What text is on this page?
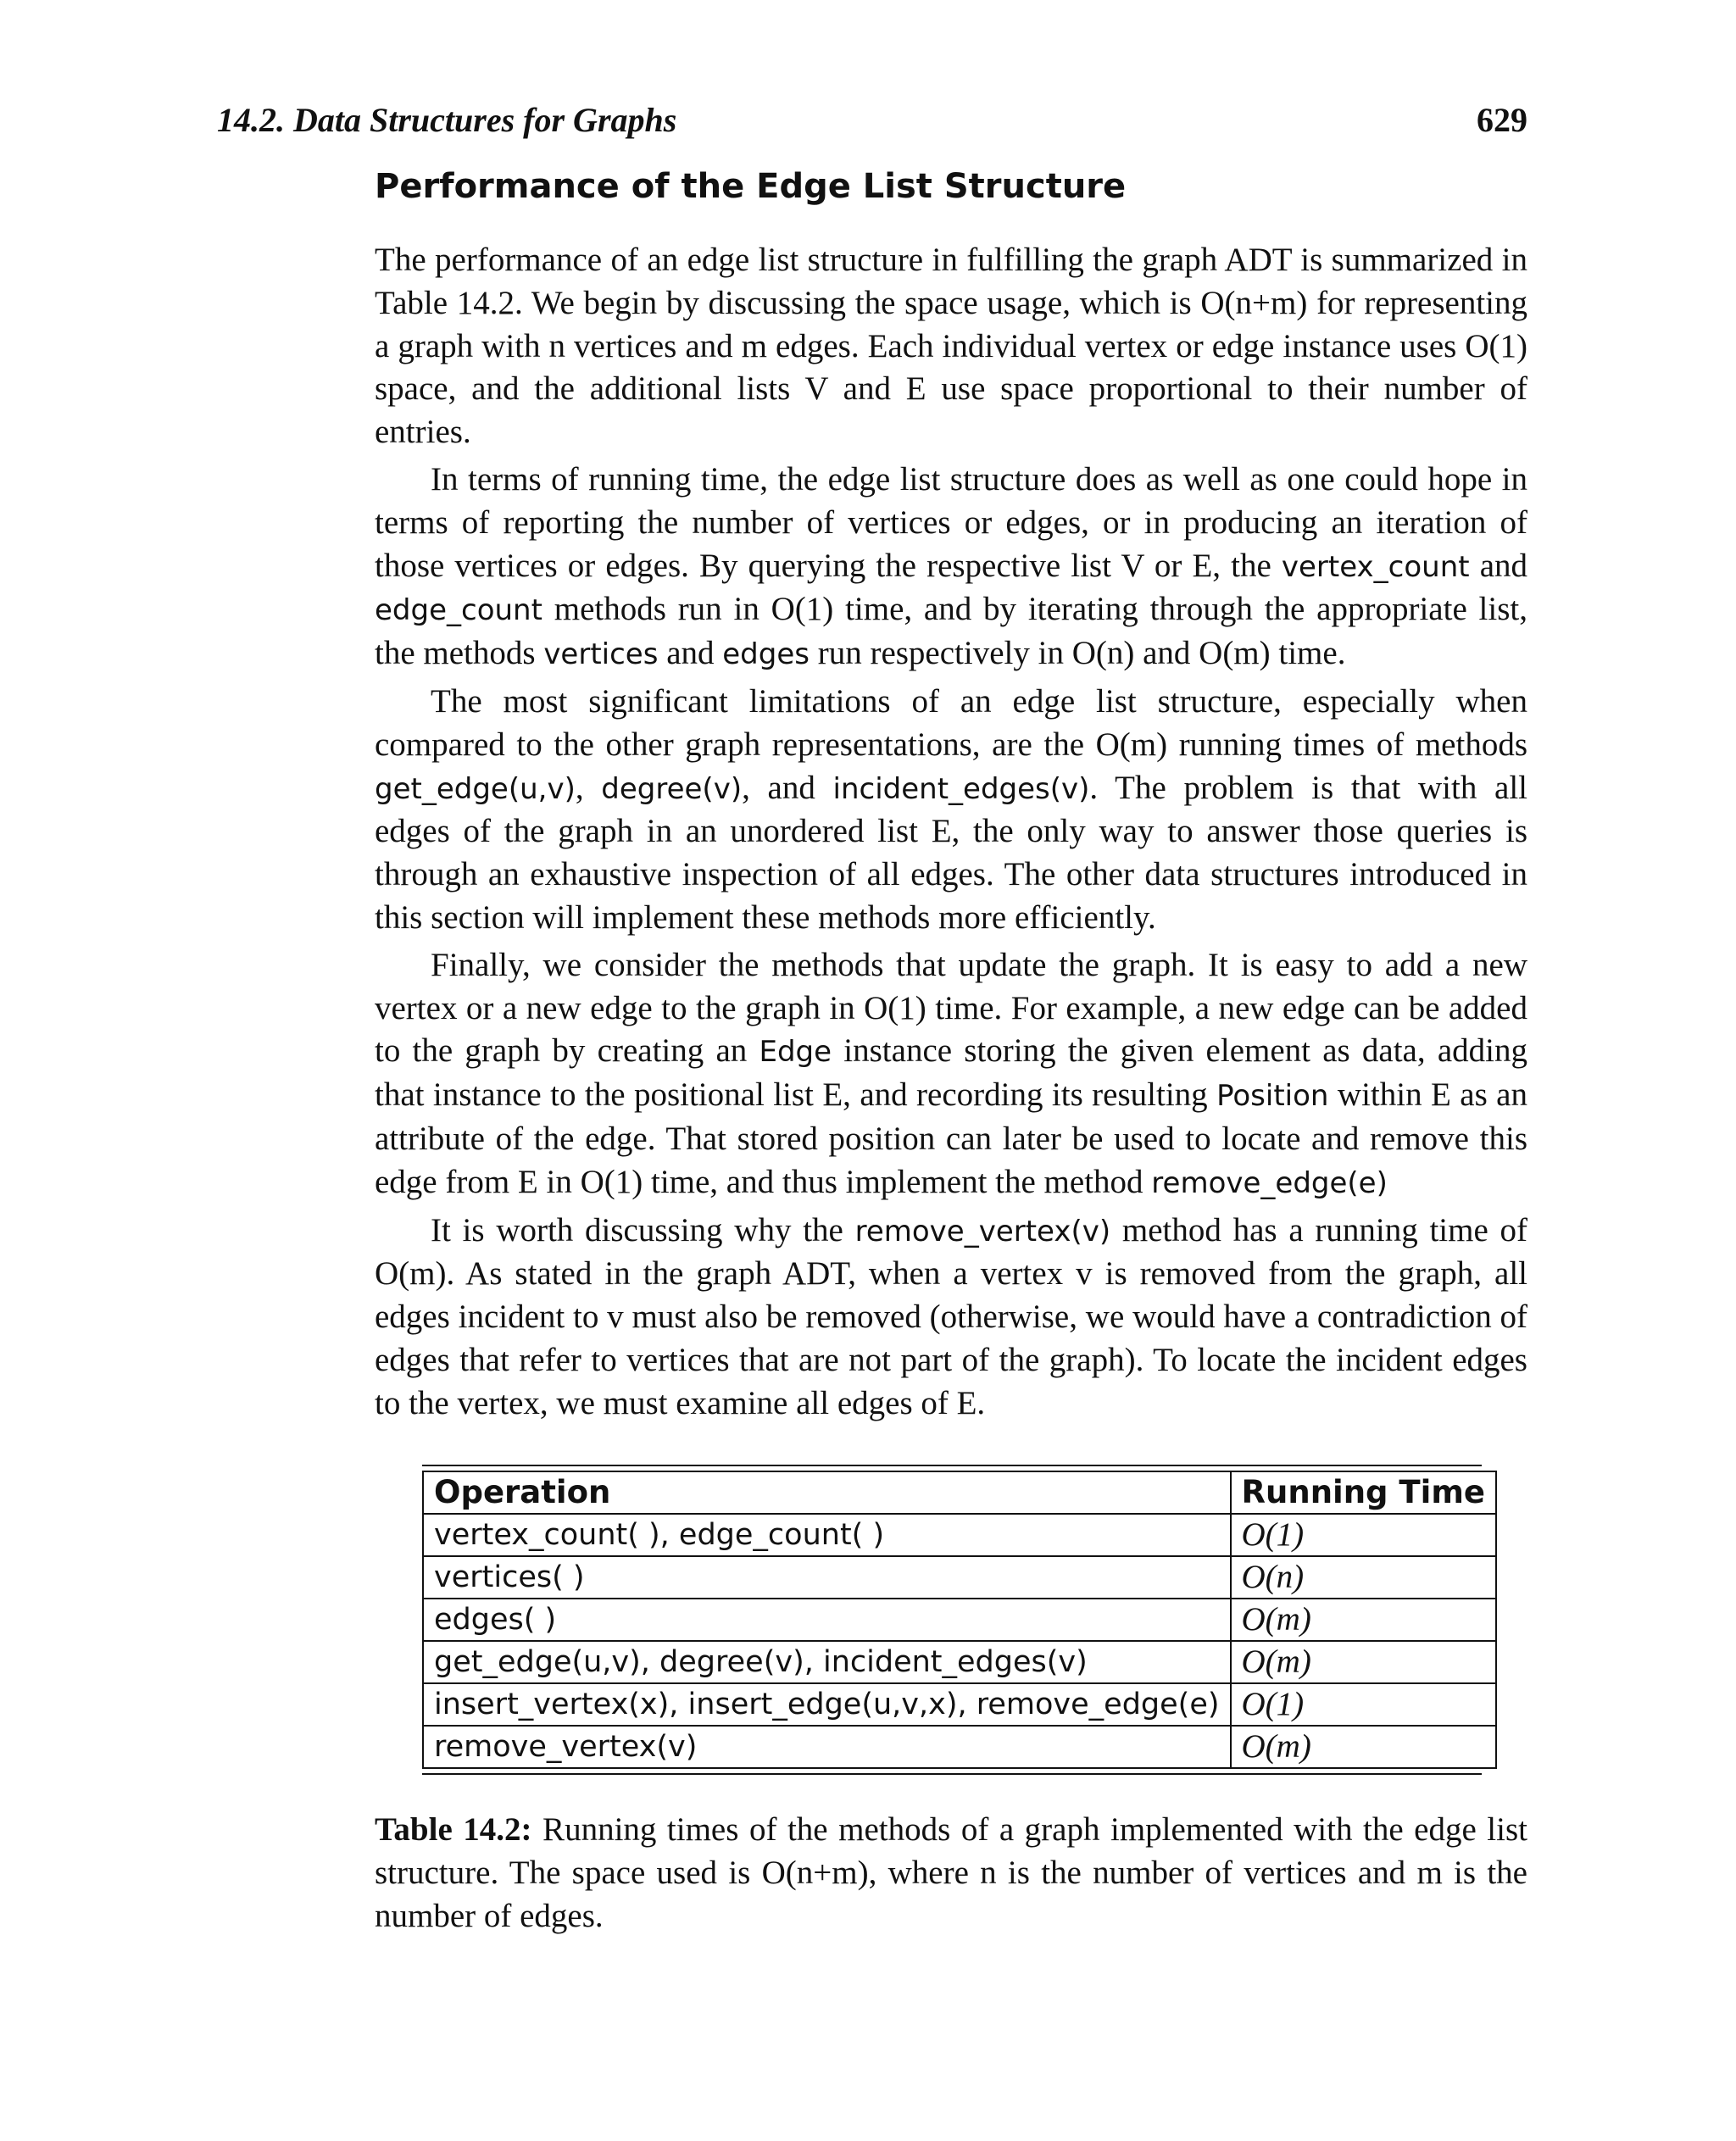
14.2. Data Structures for Graphs	629
Performance of the Edge List Structure

The performance of an edge list structure in fulfilling the graph ADT is summarized in Table 14.2. We begin by discussing the space usage, which is O(n+m) for representing a graph with n vertices and m edges. Each individual vertex or edge instance uses O(1) space, and the additional lists V and E use space proportional to their number of entries.

In terms of running time, the edge list structure does as well as one could hope in terms of reporting the number of vertices or edges, or in producing an iteration of those vertices or edges. By querying the respective list V or E, the vertex_count and edge_count methods run in O(1) time, and by iterating through the appropriate list, the methods vertices and edges run respectively in O(n) and O(m) time.

The most significant limitations of an edge list structure, especially when compared to the other graph representations, are the O(m) running times of methods get_edge(u,v), degree(v), and incident_edges(v). The problem is that with all edges of the graph in an unordered list E, the only way to answer those queries is through an exhaustive inspection of all edges. The other data structures introduced in this section will implement these methods more efficiently.

Finally, we consider the methods that update the graph. It is easy to add a new vertex or a new edge to the graph in O(1) time. For example, a new edge can be added to the graph by creating an Edge instance storing the given element as data, adding that instance to the positional list E, and recording its resulting Position within E as an attribute of the edge. That stored position can later be used to locate and remove this edge from E in O(1) time, and thus implement the method remove_edge(e)

It is worth discussing why the remove_vertex(v) method has a running time of O(m). As stated in the graph ADT, when a vertex v is removed from the graph, all edges incident to v must also be removed (otherwise, we would have a contradiction of edges that refer to vertices that are not part of the graph). To locate the incident edges to the vertex, we must examine all edges of E.

Operation	Running Time
vertex_count( ), edge_count( )	O(1)
vertices( )	O(n)
edges( )	O(m)
get_edge(u,v), degree(v), incident_edges(v)	O(m)
insert_vertex(x), insert_edge(u,v,x), remove_edge(e)	O(1)
remove_vertex(v)	O(m)
Table 14.2: Running times of the methods of a graph implemented with the edge list structure. The space used is O(n+m), where n is the number of vertices and m is the number of edges.
